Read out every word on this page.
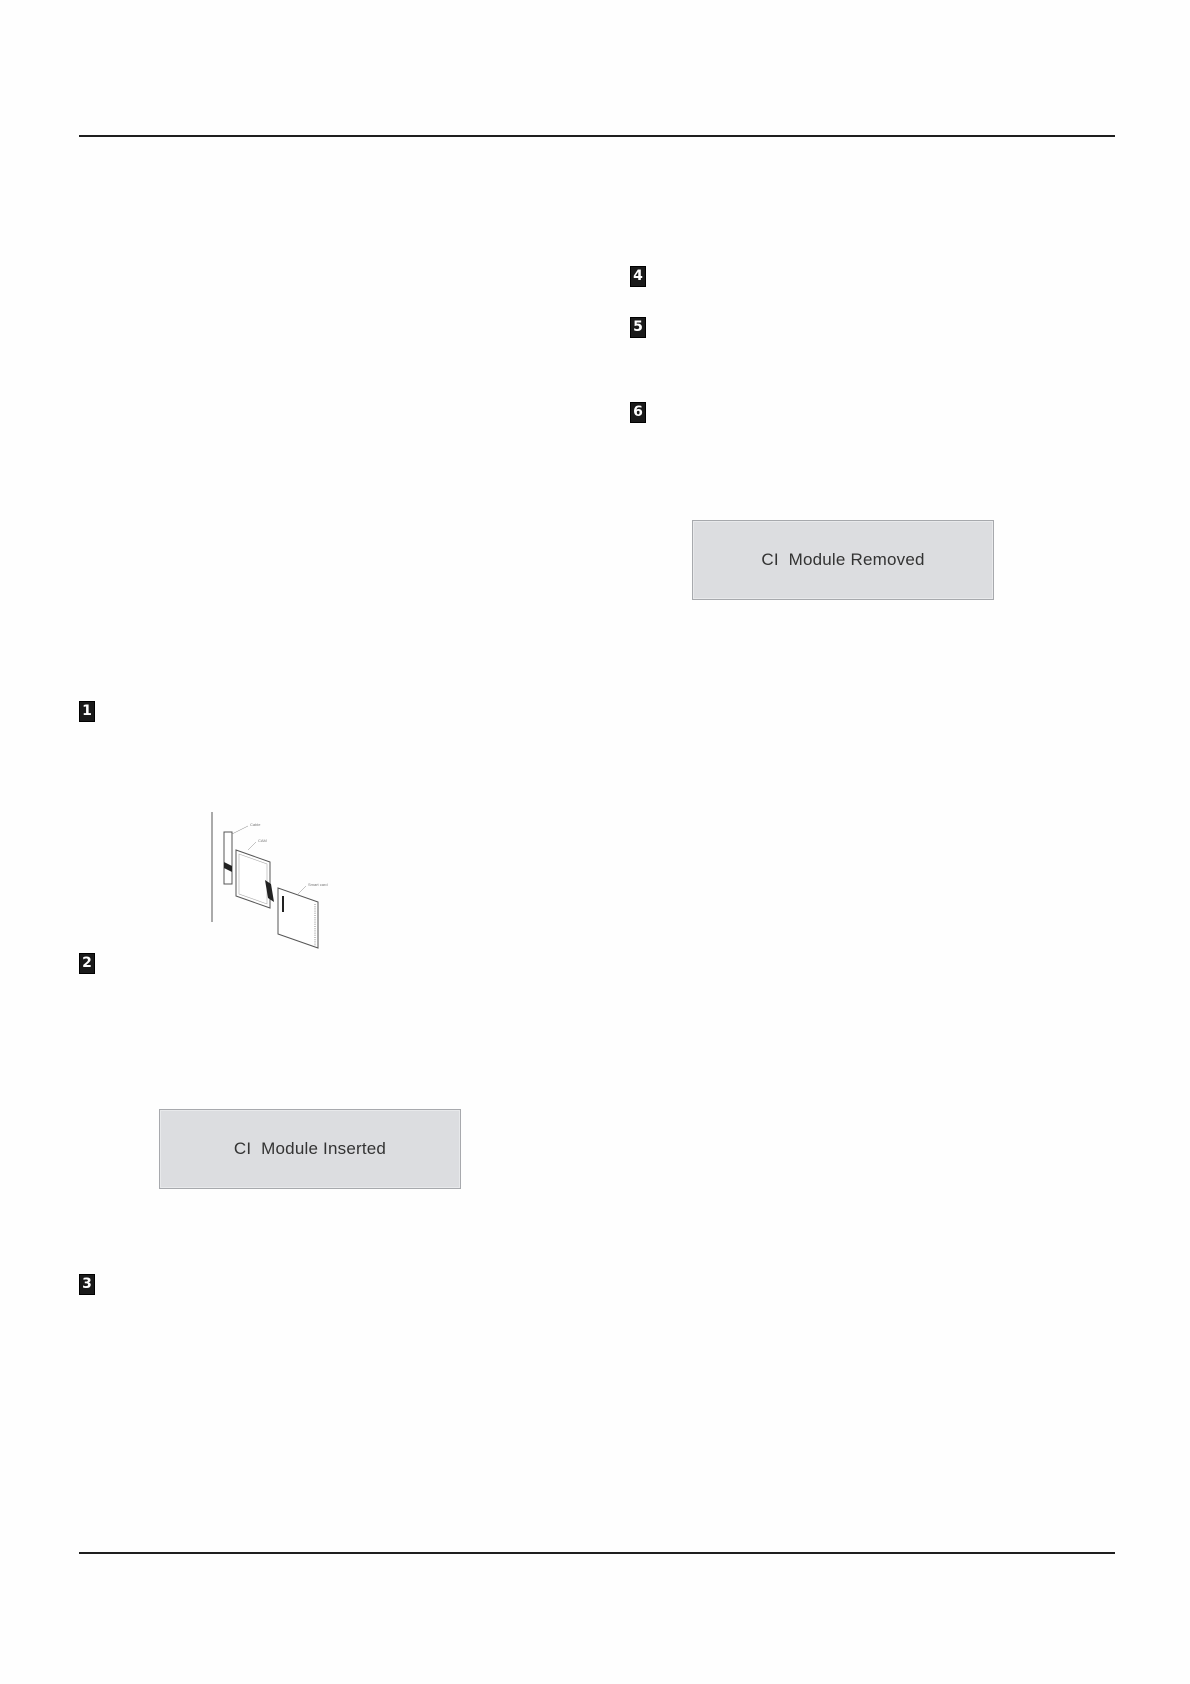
4
5
6
CI  Module Removed
1
Cable
CAM
Smart card
2
CI  Module Inserted
3
